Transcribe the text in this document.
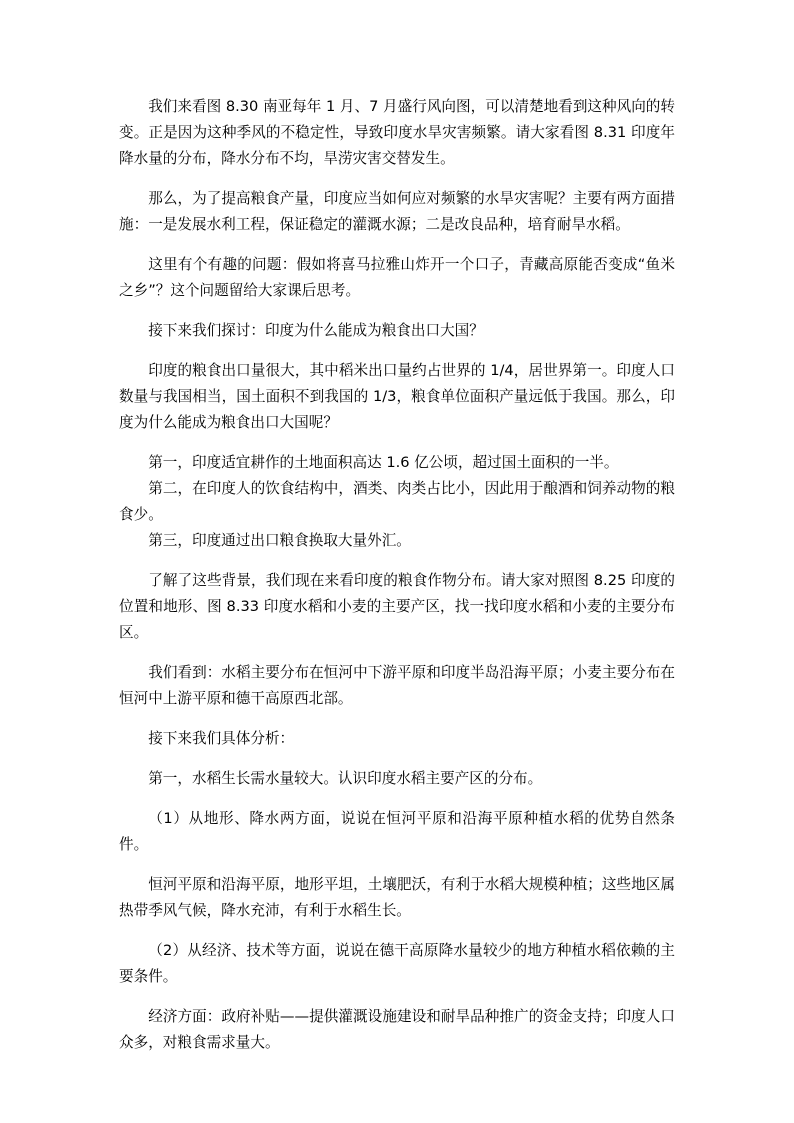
我们来看图 8.30 南亚每年 1 月、7 月盛行风向图，可以清楚地看到这种风向的转变。正是因为这种季风的不稳定性，导致印度水旱灾害频繁。请大家看图 8.31 印度年降水量的分布，降水分布不均，旱涝灾害交替发生。

那么，为了提高粮食产量，印度应当如何应对频繁的水旱灾害呢？主要有两方面措施：一是发展水利工程，保证稳定的灌溉水源；二是改良品种，培育耐旱水稻。

这里有个有趣的问题：假如将喜马拉雅山炸开一个口子，青藏高原能否变成“鱼米之乡”？这个问题留给大家课后思考。

接下来我们探讨：印度为什么能成为粮食出口大国？

印度的粮食出口量很大，其中稻米出口量约占世界的 1/4，居世界第一。印度人口数量与我国相当，国土面积不到我国的 1/3，粮食单位面积产量远低于我国。那么，印度为什么能成为粮食出口大国呢？

第一，印度适宜耕作的土地面积高达 1.6 亿公顷，超过国土面积的一半。

第二，在印度人的饮食结构中，酒类、肉类占比小，因此用于酿酒和饲养动物的粮食少。

第三，印度通过出口粮食换取大量外汇。

了解了这些背景，我们现在来看印度的粮食作物分布。请大家对照图 8.25 印度的位置和地形、图 8.33 印度水稻和小麦的主要产区，找一找印度水稻和小麦的主要分布区。

我们看到：水稻主要分布在恒河中下游平原和印度半岛沿海平原；小麦主要分布在恒河中上游平原和德干高原西北部。

接下来我们具体分析：

第一，水稻生长需水量较大。认识印度水稻主要产区的分布。

（1）从地形、降水两方面，说说在恒河平原和沿海平原种植水稻的优势自然条件。

恒河平原和沿海平原，地形平坦，土壤肥沃，有利于水稻大规模种植；这些地区属热带季风气候，降水充沛，有利于水稻生长。

（2）从经济、技术等方面，说说在德干高原降水量较少的地方种植水稻依赖的主要条件。

经济方面：政府补贴——提供灌溉设施建设和耐旱品种推广的资金支持；印度人口众多，对粮食需求量大。
